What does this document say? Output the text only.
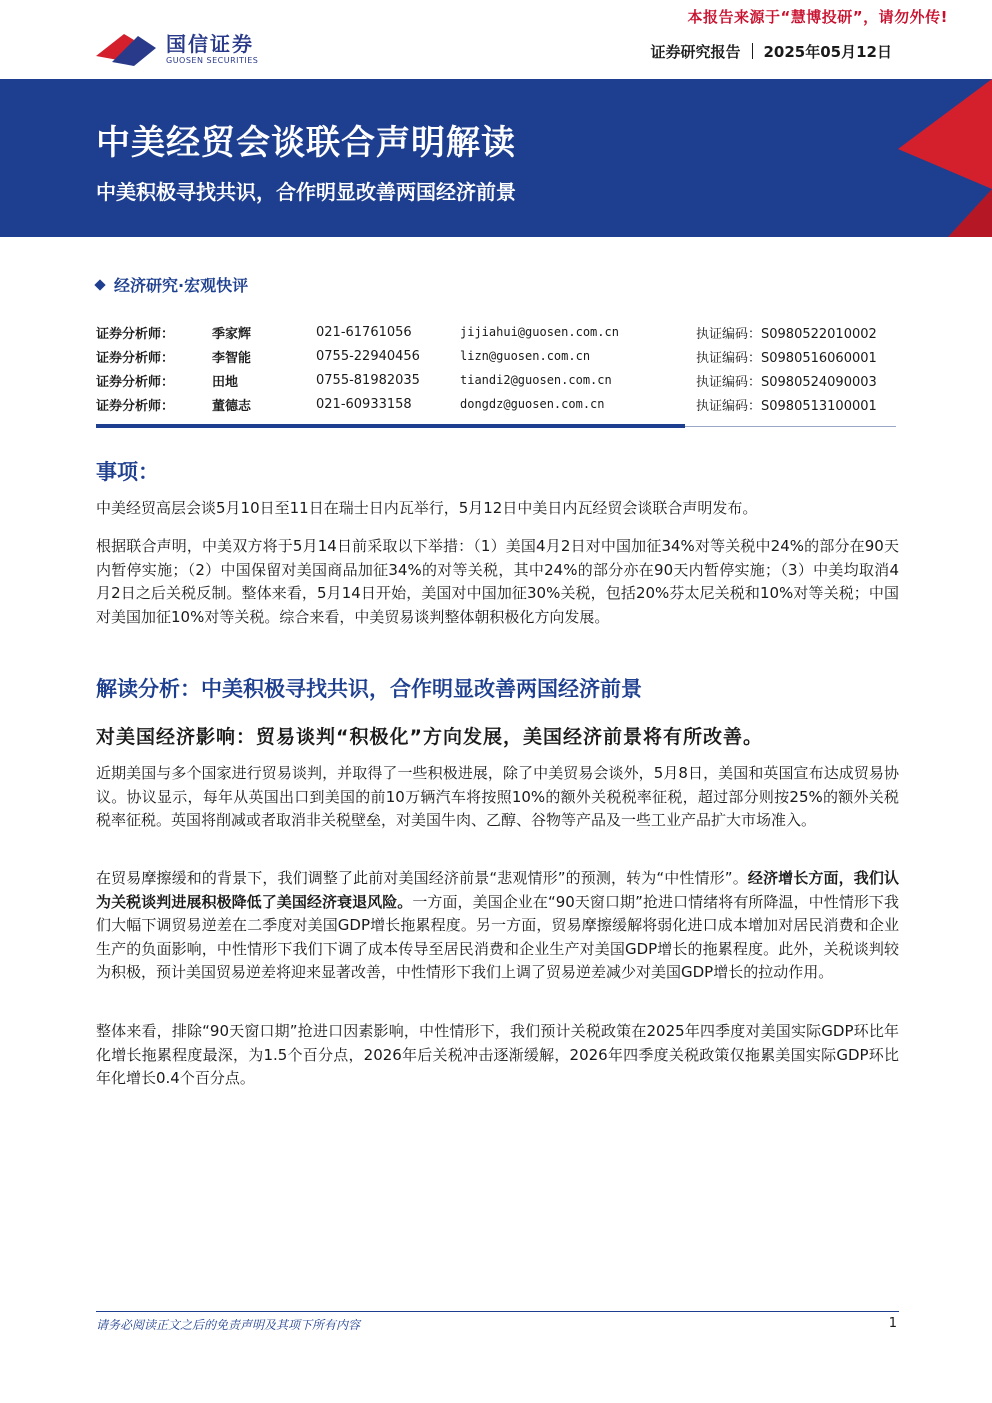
本报告来源于“慧博投研”，请勿外传!
国信证券
GUOSEN SECURITIES	证券研究报告 2025年05月12日
中美经贸会谈联合声明解读
中美积极寻找共识，合作明显改善两国经济前景
经济研究·宏观快评
证券分析师：	季家辉	021-61761056	jijiahui@guosen.com.cn	执证编码：S0980522010002
证券分析师：	李智能	0755-22940456	lizn@guosen.com.cn	执证编码：S0980516060001
证券分析师：	田地	0755-81982035	tiandi2@guosen.com.cn	执证编码：S0980524090003
证券分析师：	董德志	021-60933158	dongdz@guosen.com.cn	执证编码：S0980513100001
事项：

中美经贸高层会谈5月10日至11日在瑞士日内瓦举行，5月12日中美日内瓦经贸会谈联合声明发布。

根据联合声明，中美双方将于5月14日前采取以下举措：（1）美国4月2日对中国加征34%对等关税中24%的部分在90天内暂停实施；（2）中国保留对美国商品加征34%的对等关税，其中24%的部分亦在90天内暂停实施；（3）中美均取消4月2日之后关税反制。整体来看，5月14日开始，美国对中国加征30%关税，包括20%芬太尼关税和10%对等关税；中国对美国加征10%对等关税。综合来看，中美贸易谈判整体朝积极化方向发展。

解读分析：中美积极寻找共识，合作明显改善两国经济前景
对美国经济影响：贸易谈判“积极化”方向发展，美国经济前景将有所改善。

近期美国与多个国家进行贸易谈判，并取得了一些积极进展，除了中美贸易会谈外，5月8日，美国和英国宣布达成贸易协议。协议显示，每年从英国出口到美国的前10万辆汽车将按照10%的额外关税税率征税，超过部分则按25%的额外关税税率征税。英国将削减或者取消非关税壁垒，对美国牛肉、乙醇、谷物等产品及一些工业产品扩大市场准入。

在贸易摩擦缓和的背景下，我们调整了此前对美国经济前景“悲观情形”的预测，转为“中性情形”。经济增长方面，我们认为关税谈判进展积极降低了美国经济衰退风险。一方面，美国企业在“90天窗口期”抢进口情绪将有所降温，中性情形下我们大幅下调贸易逆差在二季度对美国GDP增长拖累程度。另一方面，贸易摩擦缓解将弱化进口成本增加对居民消费和企业生产的负面影响，中性情形下我们下调了成本传导至居民消费和企业生产对美国GDP增长的拖累程度。此外，关税谈判较为积极，预计美国贸易逆差将迎来显著改善，中性情形下我们上调了贸易逆差减少对美国GDP增长的拉动作用。

整体来看，排除“90天窗口期”抢进口因素影响，中性情形下，我们预计关税政策在2025年四季度对美国实际GDP环比年化增长拖累程度最深，为1.5个百分点，2026年后关税冲击逐渐缓解，2026年四季度关税政策仅拖累美国实际GDP环比年化增长0.4个百分点。

请务必阅读正文之后的免责声明及其项下所有内容	1
